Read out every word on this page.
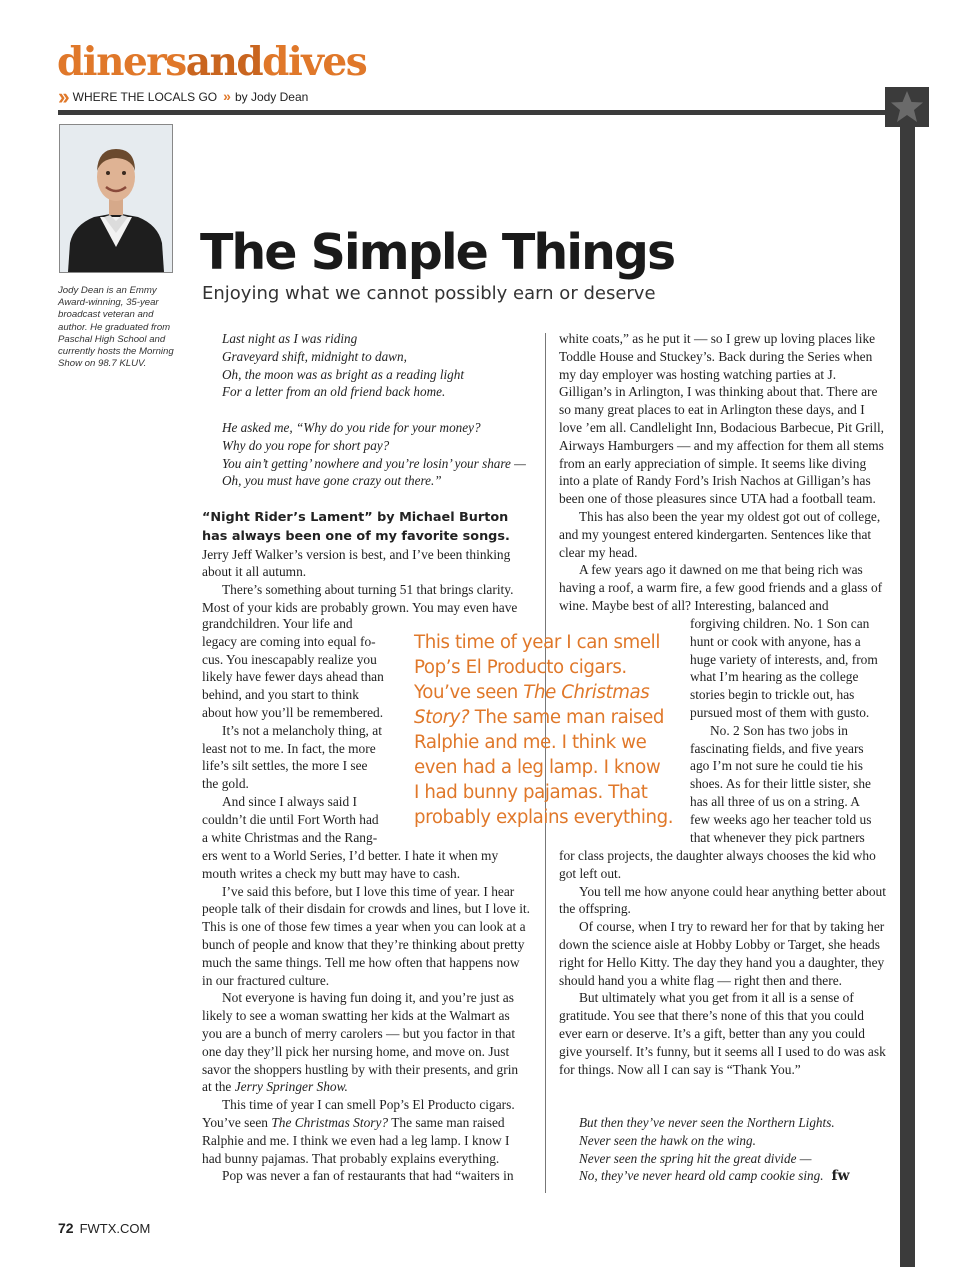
dinersanddives
›› WHERE THE LOCALS GO » by Jody Dean
Jody Dean is an Emmy Award-winning, 35-year broadcast veteran and author. He graduated from Paschal High School and currently hosts the Morning Show on 98.7 KLUV.
The Simple Things
Enjoying what we cannot possibly earn or deserve
Last night as I was riding
Graveyard shift, midnight to dawn,
Oh, the moon was as bright as a reading light
For a letter from an old friend back home.
He asked me, “Why do you ride for your money?
Why do you rope for short pay?
You ain’t getting’ nowhere and you’re losin’ your share —
Oh, you must have gone crazy out there.”

“Night Rider’s Lament” by Michael Burton has always been one of my favorite songs. Jerry Jeff Walker’s version is best, and I’ve been thinking about it all autumn.

There’s something about turning 51 that brings clarity. Most of your kids are probably grown. You may even have

grandchildren. Your life and
legacy are coming into equal fo-
cus. You inescapably realize you
likely have fewer days ahead than
behind, and you start to think
about how you’ll be remembered.
It’s not a melancholy thing, at
least not to me. In fact, the more
life’s silt settles, the more I see
the gold.
And since I always said I
couldn’t die until Fort Worth had
a white Christmas and the Rang-

ers went to a World Series, I’d better. I hate it when my mouth writes a check my butt may have to cash.

I’ve said this before, but I love this time of year. I hear people talk of their disdain for crowds and lines, but I love it. This is one of those few times a year when you can look at a bunch of people and know that they’re thinking about pretty much the same things. Tell me how often that happens now in our fractured culture.

Not everyone is having fun doing it, and you’re just as likely to see a woman swatting her kids at the Walmart as you are a bunch of merry carolers — but you factor in that one day they’ll pick her nursing home, and move on. Just savor the shoppers hustling by with their presents, and grin at the Jerry Springer Show.

This time of year I can smell Pop’s El Producto cigars. You’ve seen The Christmas Story? The same man raised Ralphie and me. I think we even had a leg lamp. I know I had bunny pajamas. That probably explains everything.

Pop was never a fan of restaurants that had “waiters in

This time of year I can smell
Pop’s El Producto cigars.
You’ve seen The Christmas
Story? The same man raised
Ralphie and me. I think we
even had a leg lamp. I know
I had bunny pajamas. That
probably explains everything.

white coats,” as he put it — so I grew up loving places like Toddle House and Stuckey’s. Back during the Series when my day employer was hosting watching parties at J. Gilligan’s in Arlington, I was thinking about that. There are so many great places to eat in Arlington these days, and I love ’em all. Candlelight Inn, Bodacious Barbecue, Pit Grill, Airways Hamburgers — and my affection for them all stems from an early appreciation of simple. It seems like diving into a plate of Randy Ford’s Irish Nachos at Gilligan’s has been one of those pleasures since UTA had a football team.

This has also been the year my oldest got out of college, and my youngest entered kindergarten. Sentences like that clear my head.

A few years ago it dawned on me that being rich was having a roof, a warm fire, a few good friends and a glass of wine. Maybe best of all? Interesting, balanced and

forgiving children. No. 1 Son can
hunt or cook with anyone, has a
huge variety of interests, and, from
what I’m hearing as the college
stories begin to trickle out, has
pursued most of them with gusto.
No. 2 Son has two jobs in
fascinating fields, and five years
ago I’m not sure he could tie his
shoes. As for their little sister, she
has all three of us on a string. A
few weeks ago her teacher told us
that whenever they pick partners

for class projects, the daughter always chooses the kid who got left out.

You tell me how anyone could hear anything better about the offspring.

Of course, when I try to reward her for that by taking her down the science aisle at Hobby Lobby or Target, she heads right for Hello Kitty. The day they hand you a daughter, they should hand you a white flag — right then and there.

But ultimately what you get from it all is a sense of gratitude. You see that there’s none of this that you could ever earn or deserve. It’s a gift, better than any you could give yourself. It’s funny, but it seems all I used to do was ask for things. Now all I can say is “Thank You.”

But then they’ve never seen the Northern Lights.
Never seen the hawk on the wing.
Never seen the spring hit the great divide —
No, they’ve never heard old camp cookie sing. fw
72 FWTX.COM
